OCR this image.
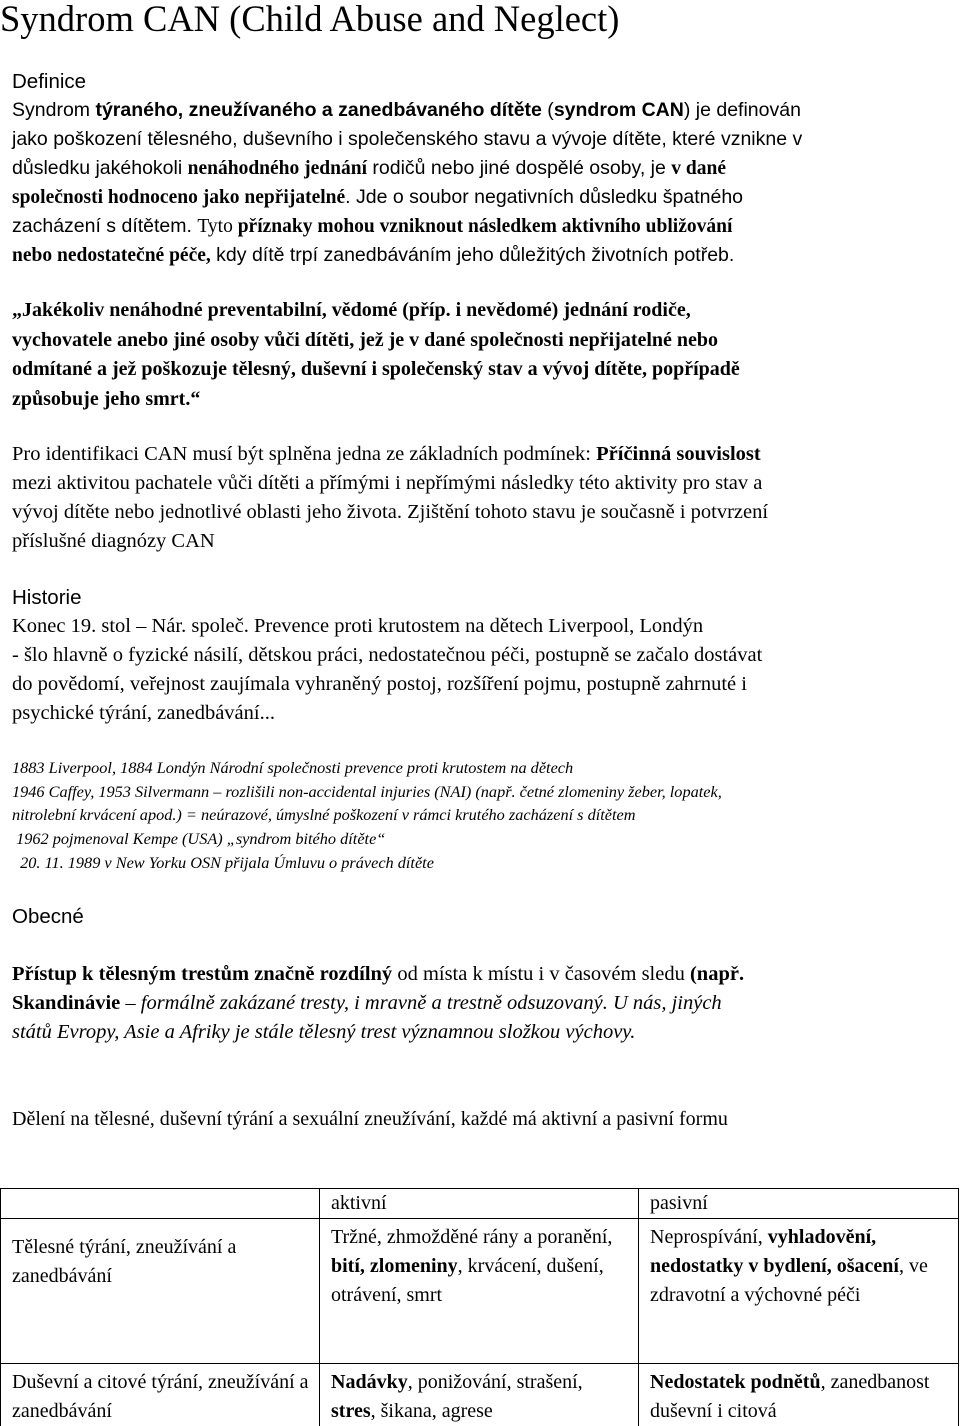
Syndrom CAN (Child Abuse and Neglect)
Definice
Syndrom týraného, zneužívaného a zanedbávaného dítěte (syndrom CAN) je definován
jako poškození tělesného, duševního i společenského stavu a vývoje dítěte, které vznikne v
důsledku jakéhokoli nenáhodného jednání rodičů nebo jiné dospělé osoby, je v dané
společnosti hodnoceno jako nepřijatelné. Jde o soubor negativních důsledku špatného
zacházení s dítětem. Tyto příznaky mohou vzniknout následkem aktivního ubližování
nebo nedostatečné péče, kdy dítě trpí zanedbáváním jeho důležitých životních potřeb.
„Jakékoliv nenáhodné preventabilní, vědomé (příp. i nevědomé) jednání rodiče,
vychovatele anebo jiné osoby vůči dítěti, jež je v dané společnosti nepřijatelné nebo
odmítané a jež poškozuje tělesný, duševní i společenský stav a vývoj dítěte, popřípadě
způsobuje jeho smrt.“
Pro identifikaci CAN musí být splněna jedna ze základních podmínek: Příčinná souvislost
mezi aktivitou pachatele vůči dítěti a přímými i nepřímými následky této aktivity pro stav a
vývoj dítěte nebo jednotlivé oblasti jeho života. Zjištění tohoto stavu je současně i potvrzení
příslušné diagnózy CAN
Historie
Konec 19. stol – Nár. společ. Prevence proti krutostem na dětech Liverpool, Londýn
- šlo hlavně o fyzické násilí, dětskou práci, nedostatečnou péči, postupně se začalo dostávat
do povědomí, veřejnost zaujímala vyhraněný postoj, rozšíření pojmu, postupně zahrnuté i
psychické týrání, zanedbávání...
1883 Liverpool, 1884 Londýn Národní společnosti prevence proti krutostem na dětech
1946 Caffey, 1953 Silvermann – rozlišili non-accidental injuries (NAI) (např. četné zlomeniny žeber, lopatek,
nitrolební krvácení apod.) = neúrazové, úmyslné poškození v rámci krutého zacházení s dítětem
1962 pojmenoval Kempe (USA) „syndrom bitého dítěte“
20. 11. 1989 v New Yorku OSN přijala Úmluvu o právech dítěte
Obecné
Přístup k tělesným trestům značně rozdílný od místa k místu i v časovém sledu (např.
Skandinávie – formálně zakázané tresty, i mravně a trestně odsuzovaný. U nás, jiných
států Evropy, Asie a Afriky je stále tělesný trest významnou složkou výchovy.

Dělení na tělesné, duševní týrání a sexuální zneužívání, každé má aktivní a pasivní formu

	aktivní	pasivní

Tělesné týrání, zneužívání a zanedbávání	Tržné, zhmožděné rány a poranění, bití, zlomeniny, krvácení, dušení, otrávení, smrt	Neprospívání, vyhladovění, nedostatky v bydlení, ošacení, ve zdravotní a výchovné péči

Duševní a citové týrání, zneužívání a zanedbávání	Nadávky, ponižování, strašení, stres, šikana, agrese	Nedostatek podnětů, zanedbanost duševní i citová
